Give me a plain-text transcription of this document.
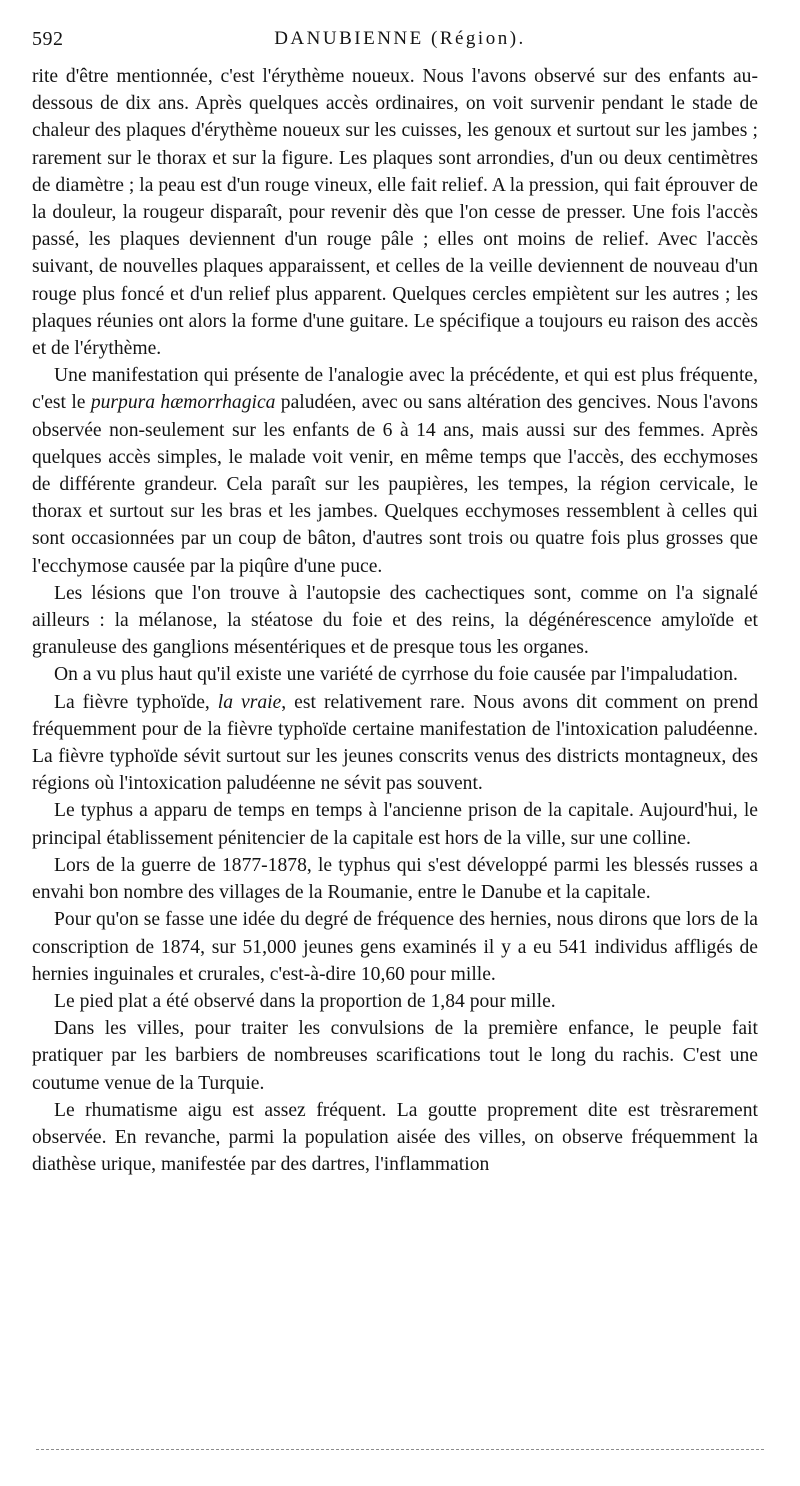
592	DANUBIENNE (Région).

rite d'être mentionnée, c'est l'érythème noueux. Nous l'avons observé sur des enfants au-dessous de dix ans. Après quelques accès ordinaires, on voit survenir pendant le stade de chaleur des plaques d'érythème noueux sur les cuisses, les genoux et surtout sur les jambes ; rarement sur le thorax et sur la figure. Les plaques sont arrondies, d'un ou deux centimètres de diamètre ; la peau est d'un rouge vineux, elle fait relief. A la pression, qui fait éprouver de la douleur, la rougeur disparaît, pour revenir dès que l'on cesse de presser. Une fois l'accès passé, les plaques deviennent d'un rouge pâle ; elles ont moins de relief. Avec l'accès suivant, de nouvelles plaques apparaissent, et celles de la veille deviennent de nouveau d'un rouge plus foncé et d'un relief plus apparent. Quelques cercles empiètent sur les autres ; les plaques réunies ont alors la forme d'une guitare. Le spécifique a toujours eu raison des accès et de l'érythème.

Une manifestation qui présente de l'analogie avec la précédente, et qui est plus fréquente, c'est le purpura hæmorrhagica paludéen, avec ou sans altération des gencives. Nous l'avons observée non-seulement sur les enfants de 6 à 14 ans, mais aussi sur des femmes. Après quelques accès simples, le malade voit venir, en même temps que l'accès, des ecchymoses de différente grandeur. Cela paraît sur les paupières, les tempes, la région cervicale, le thorax et surtout sur les bras et les jambes. Quelques ecchymoses ressemblent à celles qui sont occasionnées par un coup de bâton, d'autres sont trois ou quatre fois plus grosses que l'ecchymose causée par la piqûre d'une puce.

Les lésions que l'on trouve à l'autopsie des cachectiques sont, comme on l'a signalé ailleurs : la mélanose, la stéatose du foie et des reins, la dégénérescence amyloïde et granuleuse des ganglions mésentériques et de presque tous les organes.

On a vu plus haut qu'il existe une variété de cyrrhose du foie causée par l'impaludation.

La fièvre typhoïde, la vraie, est relativement rare. Nous avons dit comment on prend fréquemment pour de la fièvre typhoïde certaine manifestation de l'intoxication paludéenne. La fièvre typhoïde sévit surtout sur les jeunes conscrits venus des districts montagneux, des régions où l'intoxication paludéenne ne sévit pas souvent.

Le typhus a apparu de temps en temps à l'ancienne prison de la capitale. Aujourd'hui, le principal établissement pénitencier de la capitale est hors de la ville, sur une colline.

Lors de la guerre de 1877-1878, le typhus qui s'est développé parmi les blessés russes a envahi bon nombre des villages de la Roumanie, entre le Danube et la capitale.

Pour qu'on se fasse une idée du degré de fréquence des hernies, nous dirons que lors de la conscription de 1874, sur 51,000 jeunes gens examinés il y a eu 541 individus affligés de hernies inguinales et crurales, c'est-à-dire 10,60 pour mille.

Le pied plat a été observé dans la proportion de 1,84 pour mille.

Dans les villes, pour traiter les convulsions de la première enfance, le peuple fait pratiquer par les barbiers de nombreuses scarifications tout le long du rachis. C'est une coutume venue de la Turquie.

Le rhumatisme aigu est assez fréquent. La goutte proprement dite est trèsrarement observée. En revanche, parmi la population aisée des villes, on observe fréquemment la diathèse urique, manifestée par des dartres, l'inflammation
